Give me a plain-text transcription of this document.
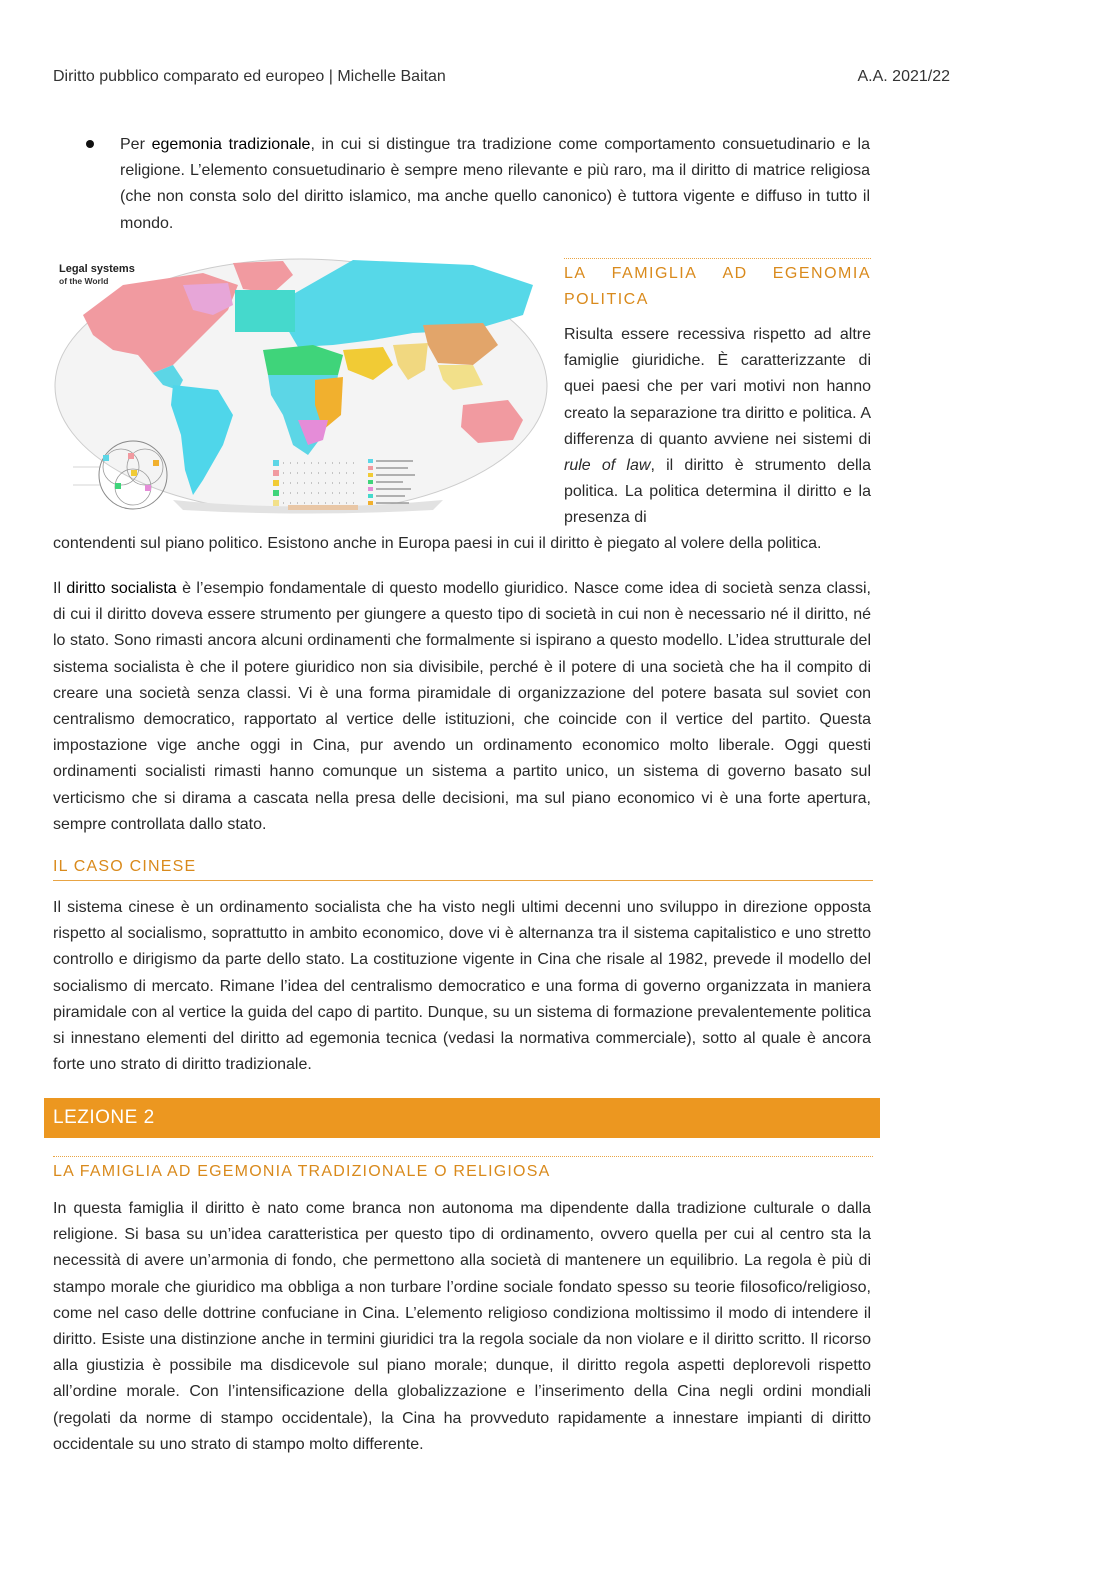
Diritto pubblico comparato ed europeo | Michelle Baitan	A.A. 2021/22
Per egemonia tradizionale, in cui si distingue tra tradizione come comportamento consuetudinario e la religione. L’elemento consuetudinario è sempre meno rilevante e più raro, ma il diritto di matrice religiosa (che non consta solo del diritto islamico, ma anche quello canonico) è tuttora vigente e diffuso in tutto il mondo.
Legal systems
of the World	LA FAMIGLIA AD EGENOMIA
POLITICA
Risulta essere recessiva rispetto ad altre famiglie giuridiche. È caratterizzante di quei paesi che per vari motivi non hanno creato la separazione tra diritto e politica. A differenza di quanto avviene nei sistemi di rule of law, il diritto è strumento della politica. La politica determina il diritto e la presenza di
contendenti sul piano politico. Esistono anche in Europa paesi in cui il diritto è piegato al volere della politica.
Il diritto socialista è l’esempio fondamentale di questo modello giuridico. Nasce come idea di società senza classi, di cui il diritto doveva essere strumento per giungere a questo tipo di società in cui non è necessario né il diritto, né lo stato. Sono rimasti ancora alcuni ordinamenti che formalmente si ispirano a questo modello. L’idea strutturale del sistema socialista è che il potere giuridico non sia divisibile, perché è il potere di una società che ha il compito di creare una società senza classi. Vi è una forma piramidale di organizzazione del potere basata sul soviet con centralismo democratico, rapportato al vertice delle istituzioni, che coincide con il vertice del partito. Questa impostazione vige anche oggi in Cina, pur avendo un ordinamento economico molto liberale. Oggi questi ordinamenti socialisti rimasti hanno comunque un sistema a partito unico, un sistema di governo basato sul verticismo che si dirama a cascata nella presa delle decisioni, ma sul piano economico vi è una forte apertura, sempre controllata dallo stato.
IL CASO CINESE
Il sistema cinese è un ordinamento socialista che ha visto negli ultimi decenni uno sviluppo in direzione opposta rispetto al socialismo, soprattutto in ambito economico, dove vi è alternanza tra il sistema capitalistico e uno stretto controllo e dirigismo da parte dello stato. La costituzione vigente in Cina che risale al 1982, prevede il modello del socialismo di mercato. Rimane l’idea del centralismo democratico e una forma di governo organizzata in maniera piramidale con al vertice la guida del capo di partito. Dunque, su un sistema di formazione prevalentemente politica si innestano elementi del diritto ad egemonia tecnica (vedasi la normativa commerciale), sotto al quale è ancora forte uno strato di diritto tradizionale.
LEZIONE 2
LA FAMIGLIA AD EGEMONIA TRADIZIONALE O RELIGIOSA
In questa famiglia il diritto è nato come branca non autonoma ma dipendente dalla tradizione culturale o dalla religione. Si basa su un’idea caratteristica per questo tipo di ordinamento, ovvero quella per cui al centro sta la necessità di avere un’armonia di fondo, che permettono alla società di mantenere un equilibrio. La regola è più di stampo morale che giuridico ma obbliga a non turbare l’ordine sociale fondato spesso su teorie filosofico/religioso, come nel caso delle dottrine confuciane in Cina. L’elemento religioso condiziona moltissimo il modo di intendere il diritto. Esiste una distinzione anche in termini giuridici tra la regola sociale da non violare e il diritto scritto. Il ricorso alla giustizia è possibile ma disdicevole sul piano morale; dunque, il diritto regola aspetti deplorevoli rispetto all’ordine morale. Con l’intensificazione della globalizzazione e l’inserimento della Cina negli ordini mondiali (regolati da norme di stampo occidentale), la Cina ha provveduto rapidamente a innestare impianti di diritto occidentale su uno strato di stampo molto differente.
